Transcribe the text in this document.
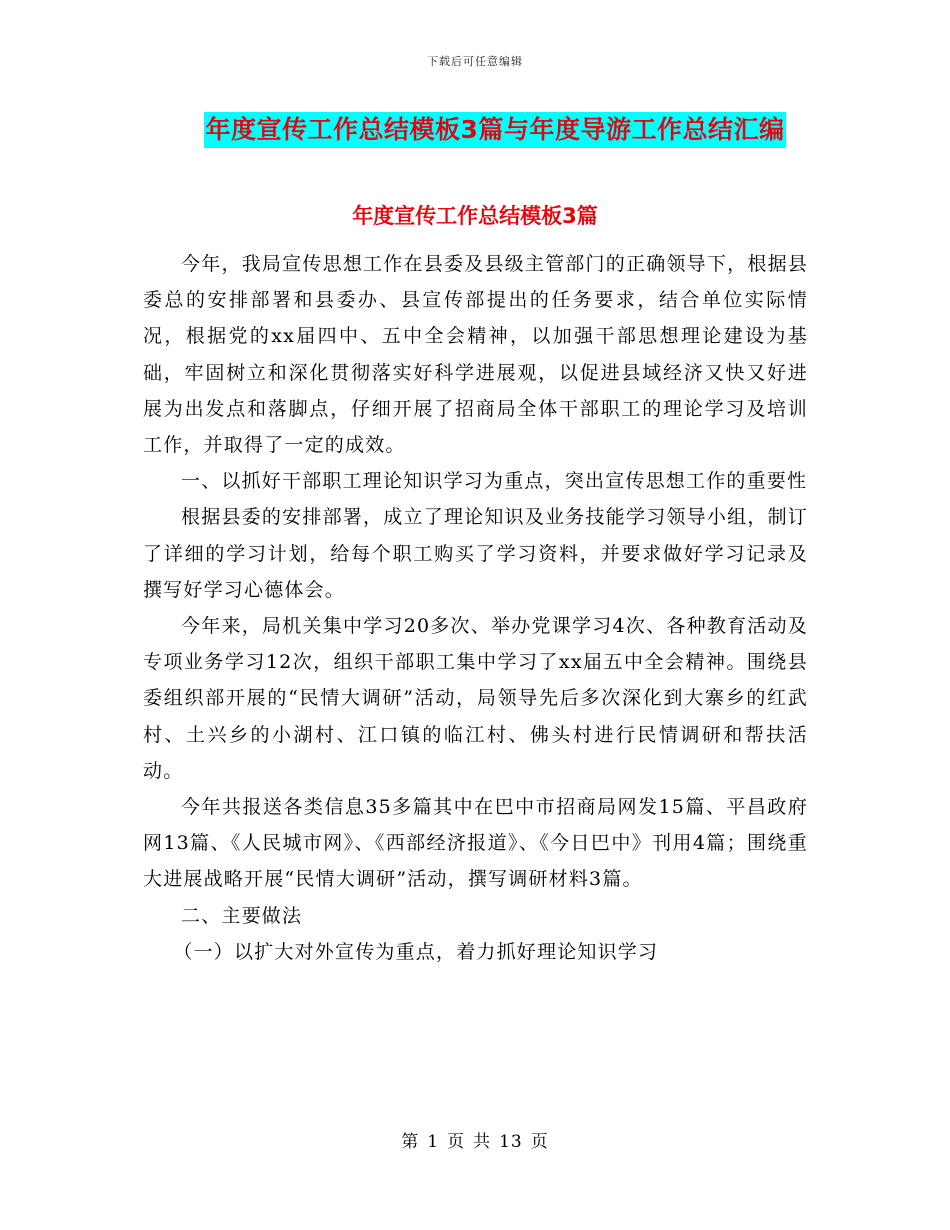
下载后可任意编辑
年度宣传工作总结模板3篇与年度导游工作总结汇编
年度宣传工作总结模板3篇

今年，我局宣传思想工作在县委及县级主管部门的正确领导下，根据县委总的安排部署和县委办、县宣传部提出的任务要求，结合单位实际情况，根据党的xx届四中、五中全会精神，以加强干部思想理论建设为基础，牢固树立和深化贯彻落实好科学进展观，以促进县域经济又快又好进展为出发点和落脚点，仔细开展了招商局全体干部职工的理论学习及培训工作，并取得了一定的成效。

一、以抓好干部职工理论知识学习为重点，突出宣传思想工作的重要性

根据县委的安排部署，成立了理论知识及业务技能学习领导小组，制订了详细的学习计划，给每个职工购买了学习资料，并要求做好学习记录及撰写好学习心德体会。

今年来，局机关集中学习20多次、举办党课学习4次、各种教育活动及专项业务学习12次，组织干部职工集中学习了xx届五中全会精神。围绕县委组织部开展的“民情大调研”活动，局领导先后多次深化到大寨乡的红武村、土兴乡的小湖村、江口镇的临江村、佛头村进行民情调研和帮扶活动。

今年共报送各类信息35多篇其中在巴中市招商局网发15篇、平昌政府网13篇、《人民城市网》、《西部经济报道》、《今日巴中》刊用4篇；围绕重大进展战略开展“民情大调研”活动，撰写调研材料3篇。

二、主要做法

（一）以扩大对外宣传为重点，着力抓好理论知识学习

第 1 页 共 13 页
